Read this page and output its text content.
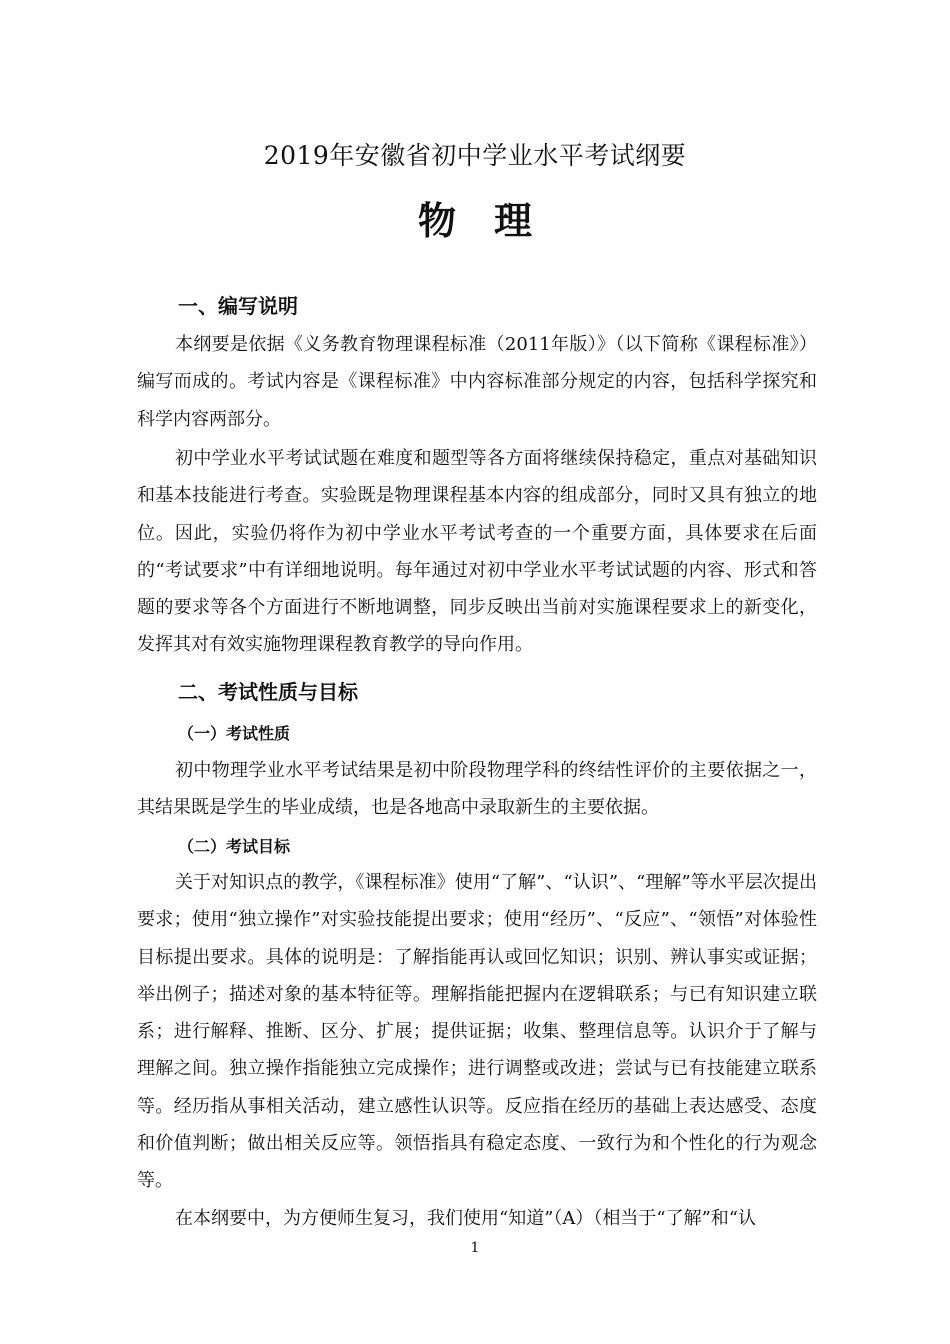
2019年安徽省初中学业水平考试纲要
物理
一、编写说明

本纲要是依据《义务教育物理课程标准（2011年版）》（以下简称《课程标准》）编写而成的。考试内容是《课程标准》中内容标准部分规定的内容，包括科学探究和科学内容两部分。

初中学业水平考试试题在难度和题型等各方面将继续保持稳定，重点对基础知识和基本技能进行考查。实验既是物理课程基本内容的组成部分，同时又具有独立的地位。因此，实验仍将作为初中学业水平考试考查的一个重要方面，具体要求在后面的“考试要求”中有详细地说明。每年通过对初中学业水平考试试题的内容、形式和答题的要求等各个方面进行不断地调整，同步反映出当前对实施课程要求上的新变化，发挥其对有效实施物理课程教育教学的导向作用。

二、考试性质与目标
（一）考试性质

初中物理学业水平考试结果是初中阶段物理学科的终结性评价的主要依据之一，其结果既是学生的毕业成绩，也是各地高中录取新生的主要依据。

（二）考试目标

关于对知识点的教学，《课程标准》使用“了解”、“认识”、“理解”等水平层次提出要求；使用“独立操作”对实验技能提出要求；使用“经历”、“反应”、“领悟”对体验性目标提出要求。具体的说明是：了解指能再认或回忆知识；识别、辨认事实或证据；举出例子；描述对象的基本特征等。理解指能把握内在逻辑联系；与已有知识建立联系；进行解释、推断、区分、扩展；提供证据；收集、整理信息等。认识介于了解与理解之间。独立操作指能独立完成操作；进行调整或改进；尝试与已有技能建立联系等。经历指从事相关活动，建立感性认识等。反应指在经历的基础上表达感受、态度和价值判断；做出相关反应等。领悟指具有稳定态度、一致行为和个性化的行为观念等。

在本纲要中，为方便师生复习，我们使用“知道”（A）（相当于“了解”和“认

1
